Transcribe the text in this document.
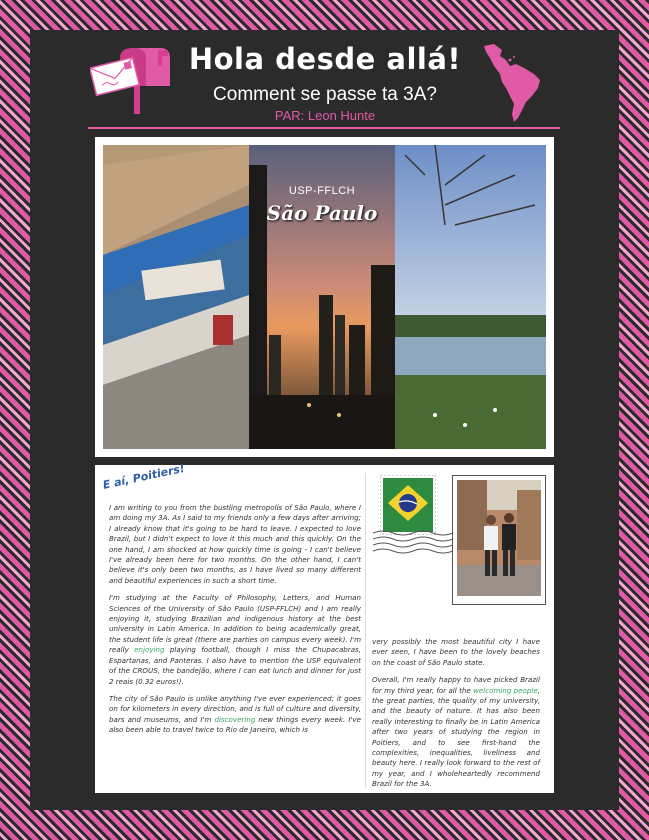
Hola desde allá!
Comment se passe ta 3A?
PAR: Leon Hunte
USP-FFLCH
São Paulo
E aí, Poitiers!

I am writing to you from the bustling metropolis of São Paulo, where I am doing my 3A. As I said to my friends only a few days after arriving; I already know that it's going to be hard to leave. I expected to love Brazil, but I didn't expect to love it this much and this quickly. On the one hand, I am shocked at how quickly time is going - I can't believe I've already been here for two months. On the other hand, I can't believe it's only been two months, as I have lived so many different and beautiful experiences in such a short time.

I'm studying at the Faculty of Philosophy, Letters, and Human Sciences of the University of São Paulo (USP-FFLCH) and I am really enjoying it, studying Brazilian and indigenous history at the best university in Latin America. In addition to being academically great, the student life is great (there are parties on campus every week). I'm really enjoying playing football, though I miss the Chupacabras, Espartanas, and Panteras. I also have to mention the USP equivalent of the CROUS, the bandejão, where I can eat lunch and dinner for just 2 reais (0.32 euros!).

The city of São Paulo is unlike anything I've ever experienced; it goes on for kilometers in every direction, and is full of culture and diversity, bars and museums, and I'm discovering new things every week. I've also been able to travel twice to Rio de Janeiro, which is

very possibly the most beautiful city I have ever seen, I have been to the lovely beaches on the coast of São Paulo state.

Overall, I'm really happy to have picked Brazil for my third year, for all the welcoming people, the great parties, the quality of my university, and the beauty of nature. It has also been really interesting to finally be in Latin America after two years of studying the region in Poitiers, and to see first-hand the complexities, inequalities, liveliness and beauty here. I really look forward to the rest of my year, and I wholeheartedly recommend Brazil for the 3A.
